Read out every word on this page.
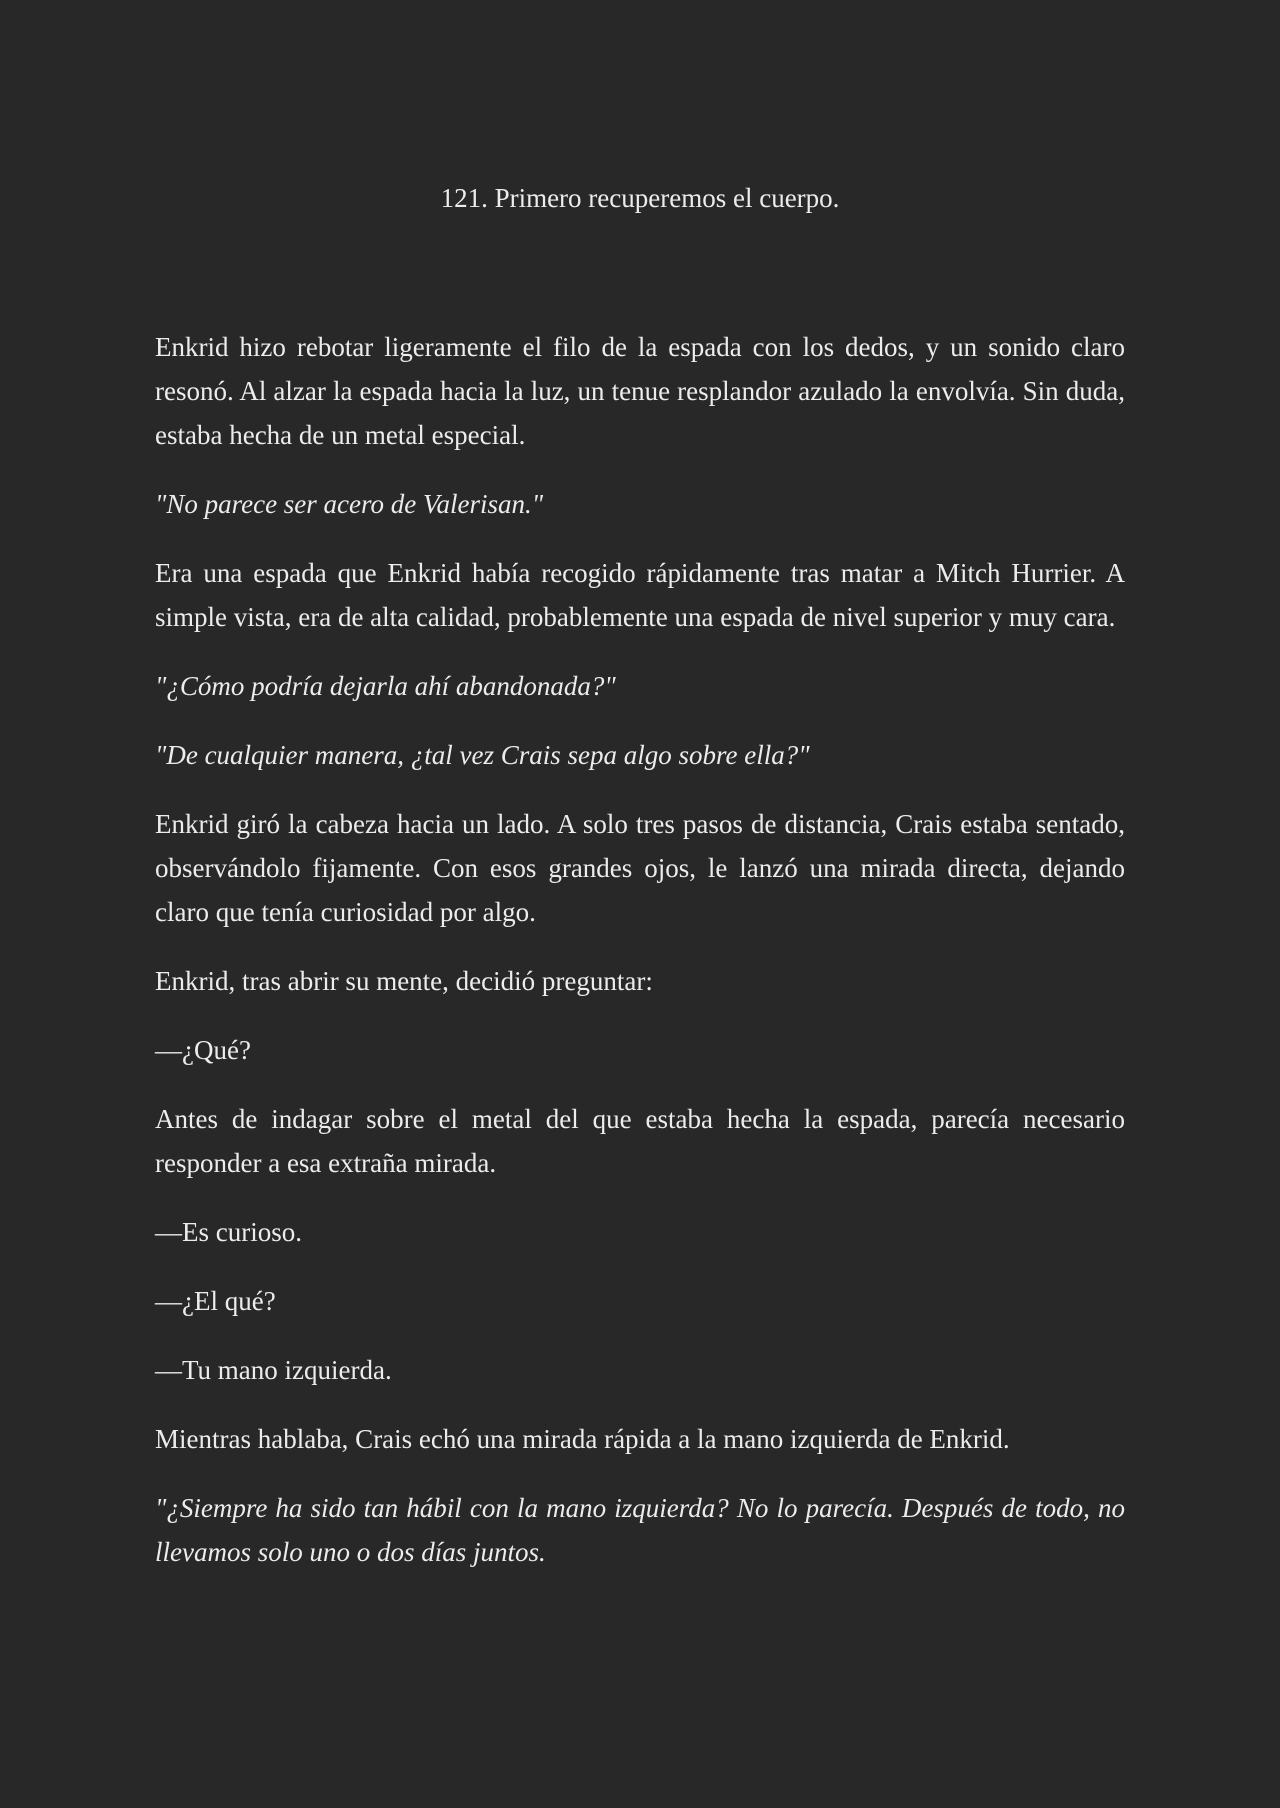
121. Primero recuperemos el cuerpo.

Enkrid hizo rebotar ligeramente el filo de la espada con los dedos, y un sonido claro resonó. Al alzar la espada hacia la luz, un tenue resplandor azulado la envolvía. Sin duda, estaba hecha de un metal especial.

"No parece ser acero de Valerisan."

Era una espada que Enkrid había recogido rápidamente tras matar a Mitch Hurrier. A simple vista, era de alta calidad, probablemente una espada de nivel superior y muy cara.

"¿Cómo podría dejarla ahí abandonada?"

"De cualquier manera, ¿tal vez Crais sepa algo sobre ella?"

Enkrid giró la cabeza hacia un lado. A solo tres pasos de distancia, Crais estaba sentado, observándolo fijamente. Con esos grandes ojos, le lanzó una mirada directa, dejando claro que tenía curiosidad por algo.

Enkrid, tras abrir su mente, decidió preguntar:

—¿Qué?

Antes de indagar sobre el metal del que estaba hecha la espada, parecía necesario responder a esa extraña mirada.

—Es curioso.

—¿El qué?

—Tu mano izquierda.

Mientras hablaba, Crais echó una mirada rápida a la mano izquierda de Enkrid.

"¿Siempre ha sido tan hábil con la mano izquierda? No lo parecía. Después de todo, no llevamos solo uno o dos días juntos.
